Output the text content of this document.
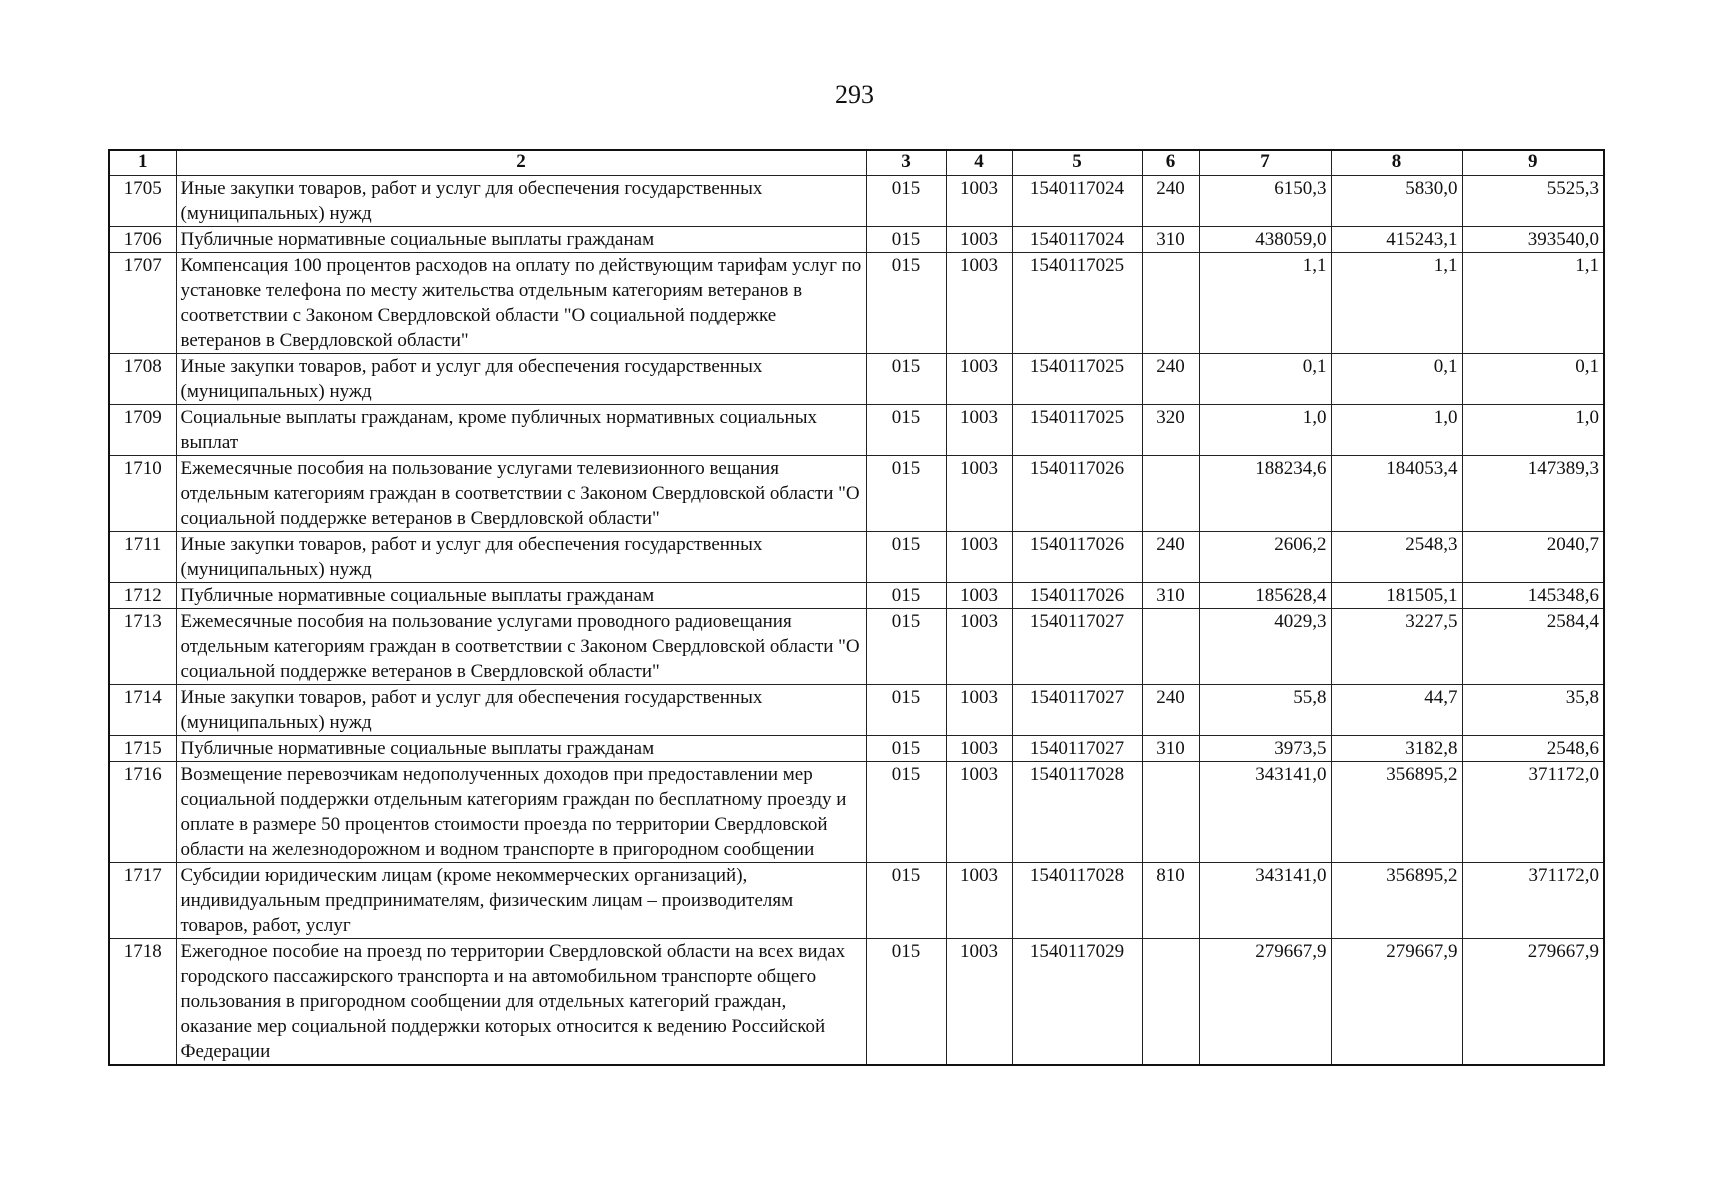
293
1	2	3	4	5	6	7	8	9
1705	Иные закупки товаров, работ и услуг для обеспечения государственных (муниципальных) нужд	015	1003	1540117024	240	6150,3	5830,0	5525,3
1706	Публичные нормативные социальные выплаты гражданам	015	1003	1540117024	310	438059,0	415243,1	393540,0
1707	Компенсация 100 процентов расходов на оплату по действующим тарифам услуг по установке телефона по месту жительства отдельным категориям ветеранов в соответствии с Законом Свердловской области "О социальной поддержке ветеранов в Свердловской области"	015	1003	1540117025		1,1	1,1	1,1
1708	Иные закупки товаров, работ и услуг для обеспечения государственных (муниципальных) нужд	015	1003	1540117025	240	0,1	0,1	0,1
1709	Социальные выплаты гражданам, кроме публичных нормативных социальных выплат	015	1003	1540117025	320	1,0	1,0	1,0
1710	Ежемесячные пособия на пользование услугами телевизионного вещания отдельным категориям граждан в соответствии с Законом Свердловской области "О социальной поддержке ветеранов в Свердловской области"	015	1003	1540117026		188234,6	184053,4	147389,3
1711	Иные закупки товаров, работ и услуг для обеспечения государственных (муниципальных) нужд	015	1003	1540117026	240	2606,2	2548,3	2040,7
1712	Публичные нормативные социальные выплаты гражданам	015	1003	1540117026	310	185628,4	181505,1	145348,6
1713	Ежемесячные пособия на пользование услугами проводного радиовещания отдельным категориям граждан в соответствии с Законом Свердловской области "О социальной поддержке ветеранов в Свердловской области"	015	1003	1540117027		4029,3	3227,5	2584,4
1714	Иные закупки товаров, работ и услуг для обеспечения государственных (муниципальных) нужд	015	1003	1540117027	240	55,8	44,7	35,8
1715	Публичные нормативные социальные выплаты гражданам	015	1003	1540117027	310	3973,5	3182,8	2548,6
1716	Возмещение перевозчикам недополученных доходов при предоставлении мер социальной поддержки отдельным категориям граждан по бесплатному проезду и оплате в размере 50 процентов стоимости проезда по территории Свердловской области на железнодорожном и водном транспорте в пригородном сообщении	015	1003	1540117028		343141,0	356895,2	371172,0
1717	Субсидии юридическим лицам (кроме некоммерческих организаций), индивидуальным предпринимателям, физическим лицам – производителям товаров, работ, услуг	015	1003	1540117028	810	343141,0	356895,2	371172,0
1718	Ежегодное пособие на проезд по территории Свердловской области на всех видах городского пассажирского транспорта и на автомобильном транспорте общего пользования в пригородном сообщении для отдельных категорий граждан, оказание мер социальной поддержки которых относится к ведению Российской Федерации	015	1003	1540117029		279667,9	279667,9	279667,9
